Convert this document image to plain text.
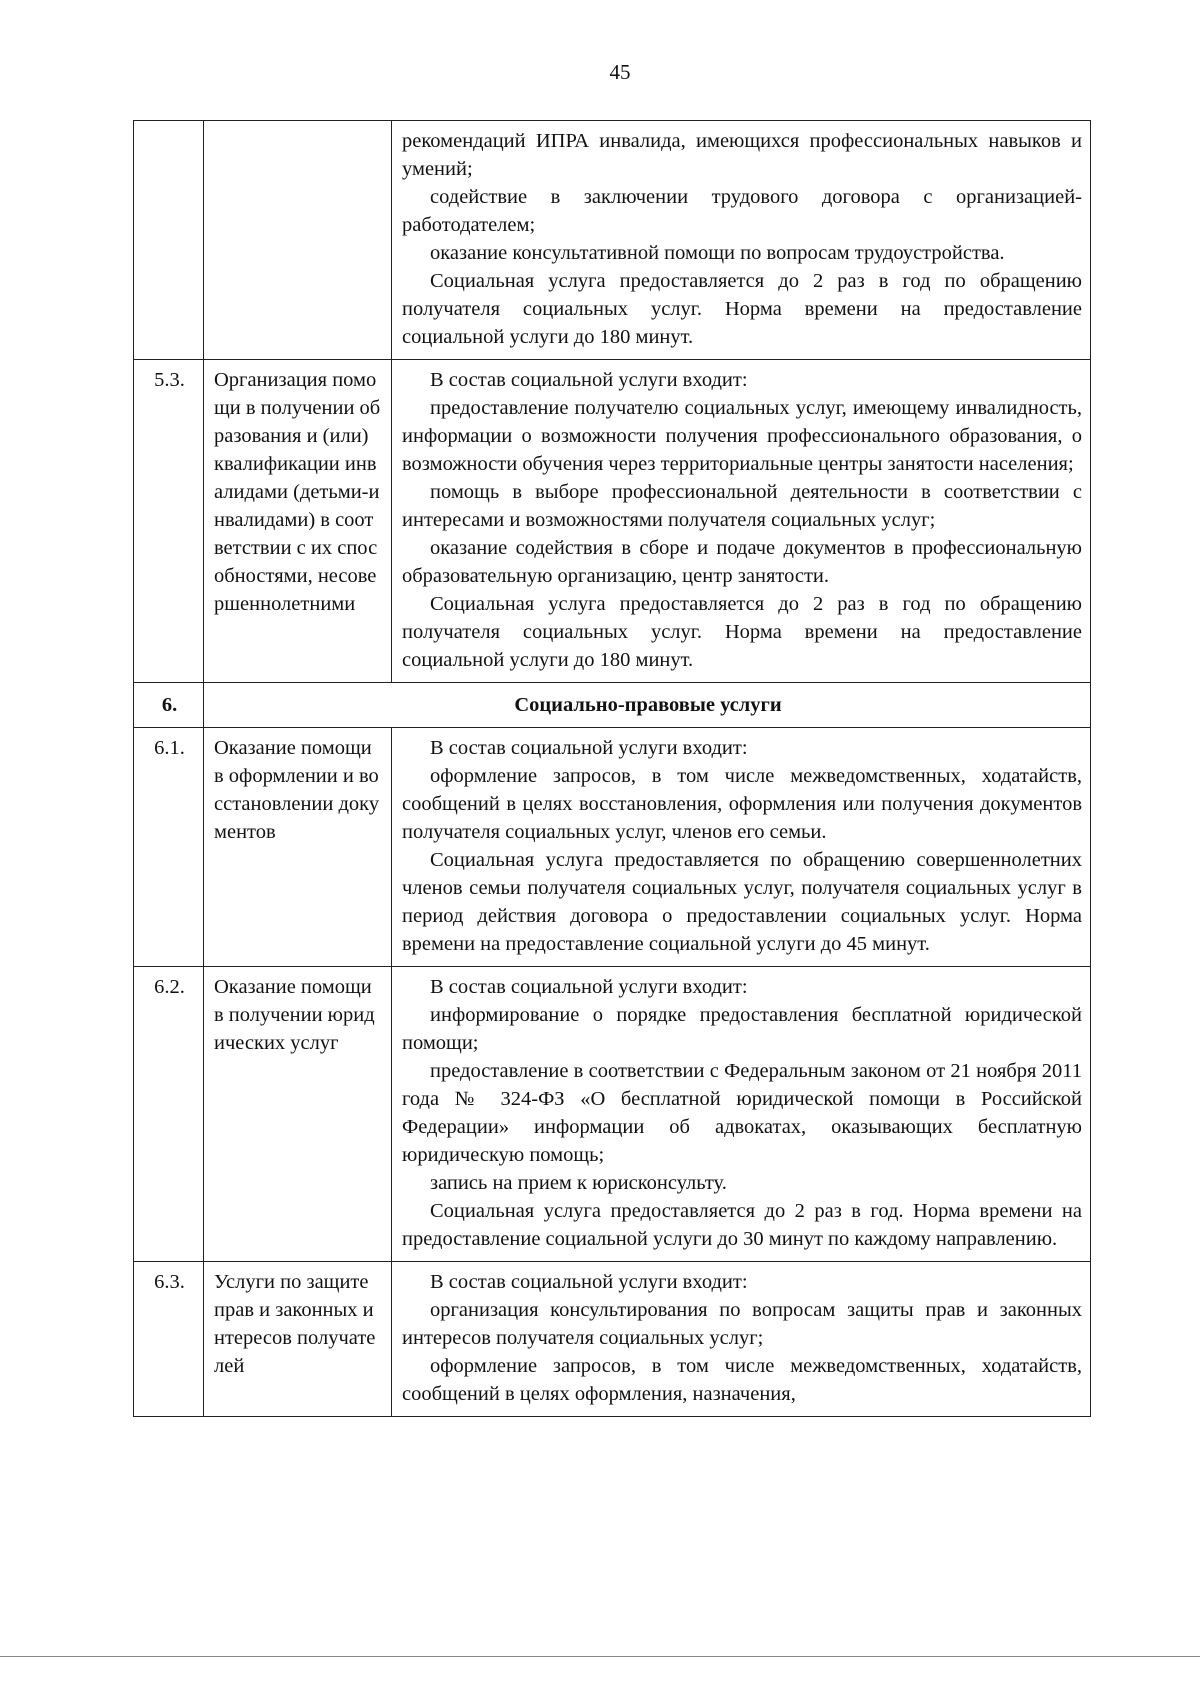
45

		рекомендаций ИПРА инвалида, имеющихся профессиональных навыков и умений;

содействие в заключении трудового договора с организацией-работодателем;

оказание консультативной помощи по вопросам трудоустройства.

Социальная услуга предоставляется до 2 раз в год по обращению получателя социальных услуг. Норма времени на предоставление социальной услуги до 180 минут.

5.3.	Организация помощи в получении образования и (или) квалификации инвалидами (детьми-инвалидами) в соответствии с их способностями, несовершеннолетними	В состав социальной услуги входит:

предоставление получателю социальных услуг, имеющему инвалидность, информации о возможности получения профессионального образования, о возможности обучения через территориальные центры занятости населения;

помощь в выборе профессиональной деятельности в соответствии с интересами и возможностями получателя социальных услуг;

оказание содействия в сборе и подаче документов в профессиональную образовательную организацию, центр занятости.

Социальная услуга предоставляется до 2 раз в год по обращению получателя социальных услуг. Норма времени на предоставление социальной услуги до 180 минут.

6.	Социально-правовые услуги	
6.1.	Оказание помощи в оформлении и восстановлении документов	В состав социальной услуги входит:

оформление запросов, в том числе межведомственных, ходатайств, сообщений в целях восстановления, оформления или получения документов получателя социальных услуг, членов его семьи.

Социальная услуга предоставляется по обращению совершеннолетних членов семьи получателя социальных услуг, получателя социальных услуг в период действия договора о предоставлении социальных услуг. Норма времени на предоставление социальной услуги до 45 минут.

6.2.	Оказание помощи в получении юридических услуг	В состав социальной услуги входит:

информирование о порядке предоставления бесплатной юридической помощи;

предоставление в соответствии с Федеральным законом от 21 ноября 2011 года № 324-ФЗ «О бесплатной юридической помощи в Российской Федерации» информации об адвокатах, оказывающих бесплатную юридическую помощь;

запись на прием к юрисконсульту.

Социальная услуга предоставляется до 2 раз в год. Норма времени на предоставление социальной услуги до 30 минут по каждому направлению.

6.3.	Услуги по защите прав и законных интересов получателей	В состав социальной услуги входит:

организация консультирования по вопросам защиты прав и законных интересов получателя социальных услуг;

оформление запросов, в том числе межведомственных, ходатайств, сообщений в целях оформления, назначения,
